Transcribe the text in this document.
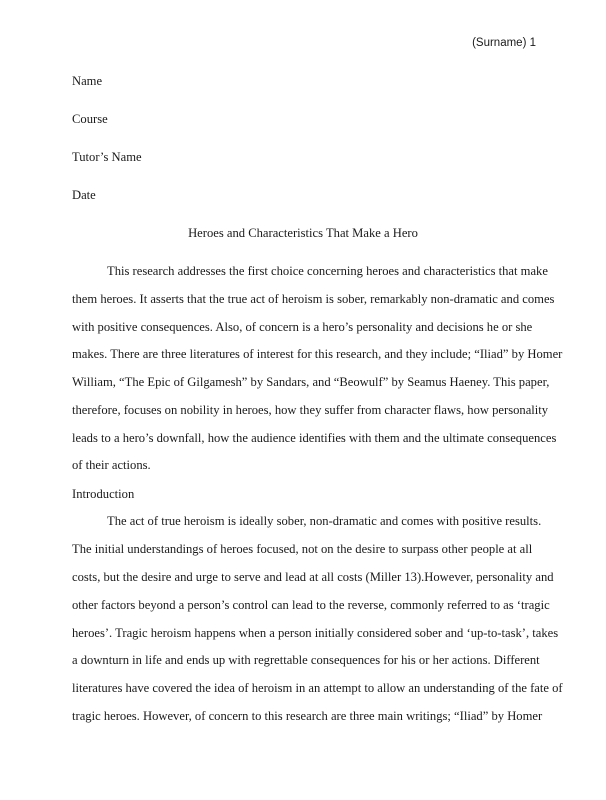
(Surname) 1
Name
Course
Tutor’s Name
Date
Heroes and Characteristics That Make a Hero
This research addresses the first choice concerning heroes and characteristics that make
them heroes. It asserts that the true act of heroism is sober, remarkably non-dramatic and comes
with positive consequences. Also, of concern is a hero’s personality and decisions he or she
makes. There are three literatures of interest for this research, and they include; “Iliad” by Homer
William, “The Epic of Gilgamesh” by Sandars, and “Beowulf” by Seamus Haeney. This paper,
therefore, focuses on nobility in heroes, how they suffer from character flaws, how personality
leads to a hero’s downfall, how the audience identifies with them and the ultimate consequences
of their actions.
Introduction
The act of true heroism is ideally sober, non-dramatic and comes with positive results.
The initial understandings of heroes focused, not on the desire to surpass other people at all
costs, but the desire and urge to serve and lead at all costs (Miller 13).However, personality and
other factors beyond a person’s control can lead to the reverse, commonly referred to as ‘tragic
heroes’. Tragic heroism happens when a person initially considered sober and ‘up-to-task’, takes
a downturn in life and ends up with regrettable consequences for his or her actions. Different
literatures have covered the idea of heroism in an attempt to allow an understanding of the fate of
tragic heroes. However, of concern to this research are three main writings; “Iliad” by Homer
